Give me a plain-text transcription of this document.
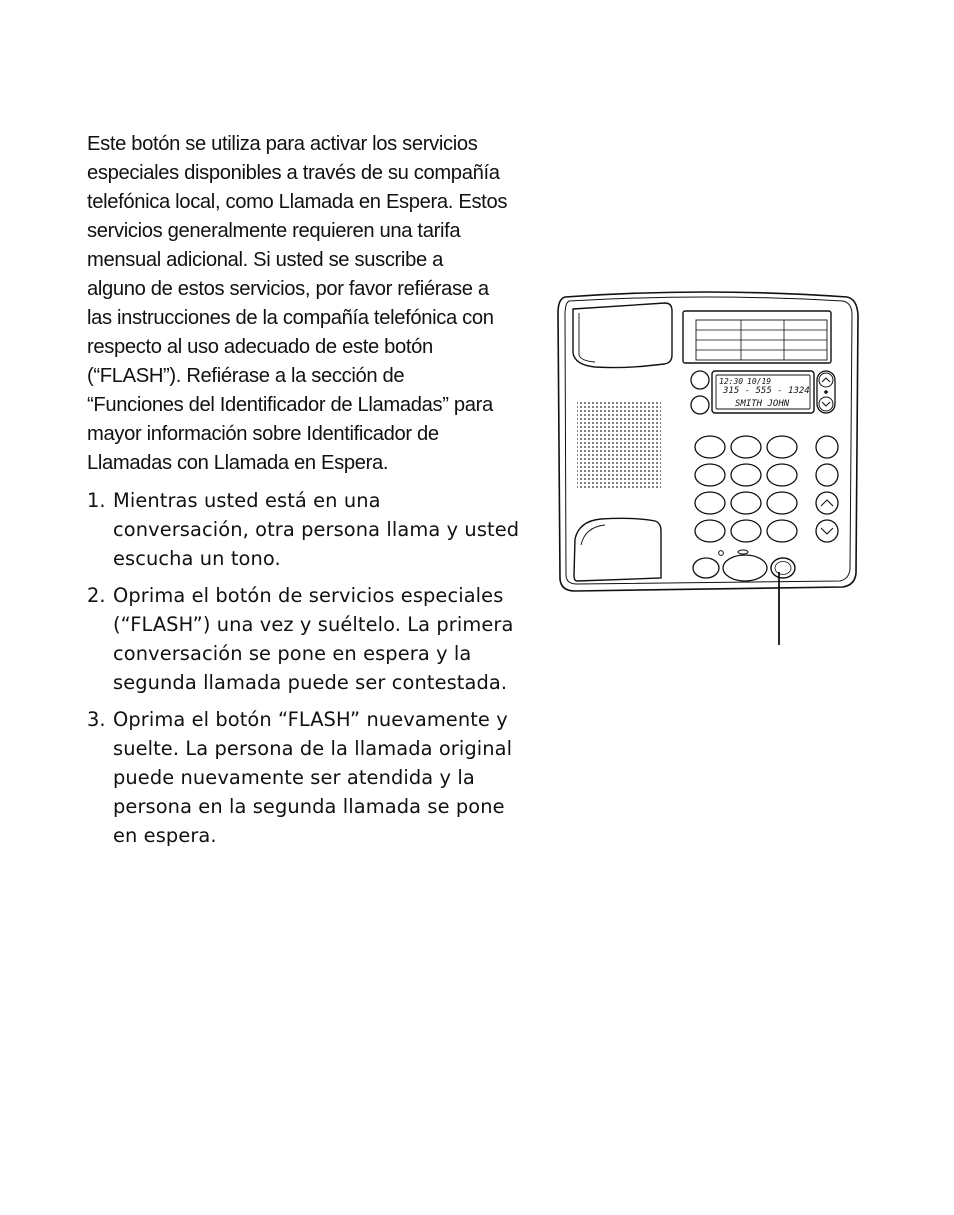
Este botón se utiliza para activar los servicios
especiales disponibles a través de su compañía
telefónica local, como Llamada en Espera. Estos
servicios generalmente requieren una tarifa
mensual adicional. Si usted se suscribe a
alguno de estos servicios, por favor refiérase a
las instrucciones de la compañía telefónica con
respecto al uso adecuado de este botón
(“FLASH”). Refiérase a la sección de
“Funciones del Identificador de Llamadas” para
mayor información sobre Identificador de
Llamadas con Llamada en Espera.

1. Mientras usted está en una
conversación, otra persona llama y usted
escucha un tono.
2. Oprima el botón de servicios especiales
(“FLASH”) una vez y suéltelo. La primera
conversación se pone en espera y la
segunda llamada puede ser contestada.
3. Oprima el botón “FLASH” nuevamente y
suelte. La persona de la llamada original
puede nuevamente ser atendida y la
persona en la segunda llamada se pone
en espera.
12:30 10/19
315 - 555 - 1324
SMITH JOHN
